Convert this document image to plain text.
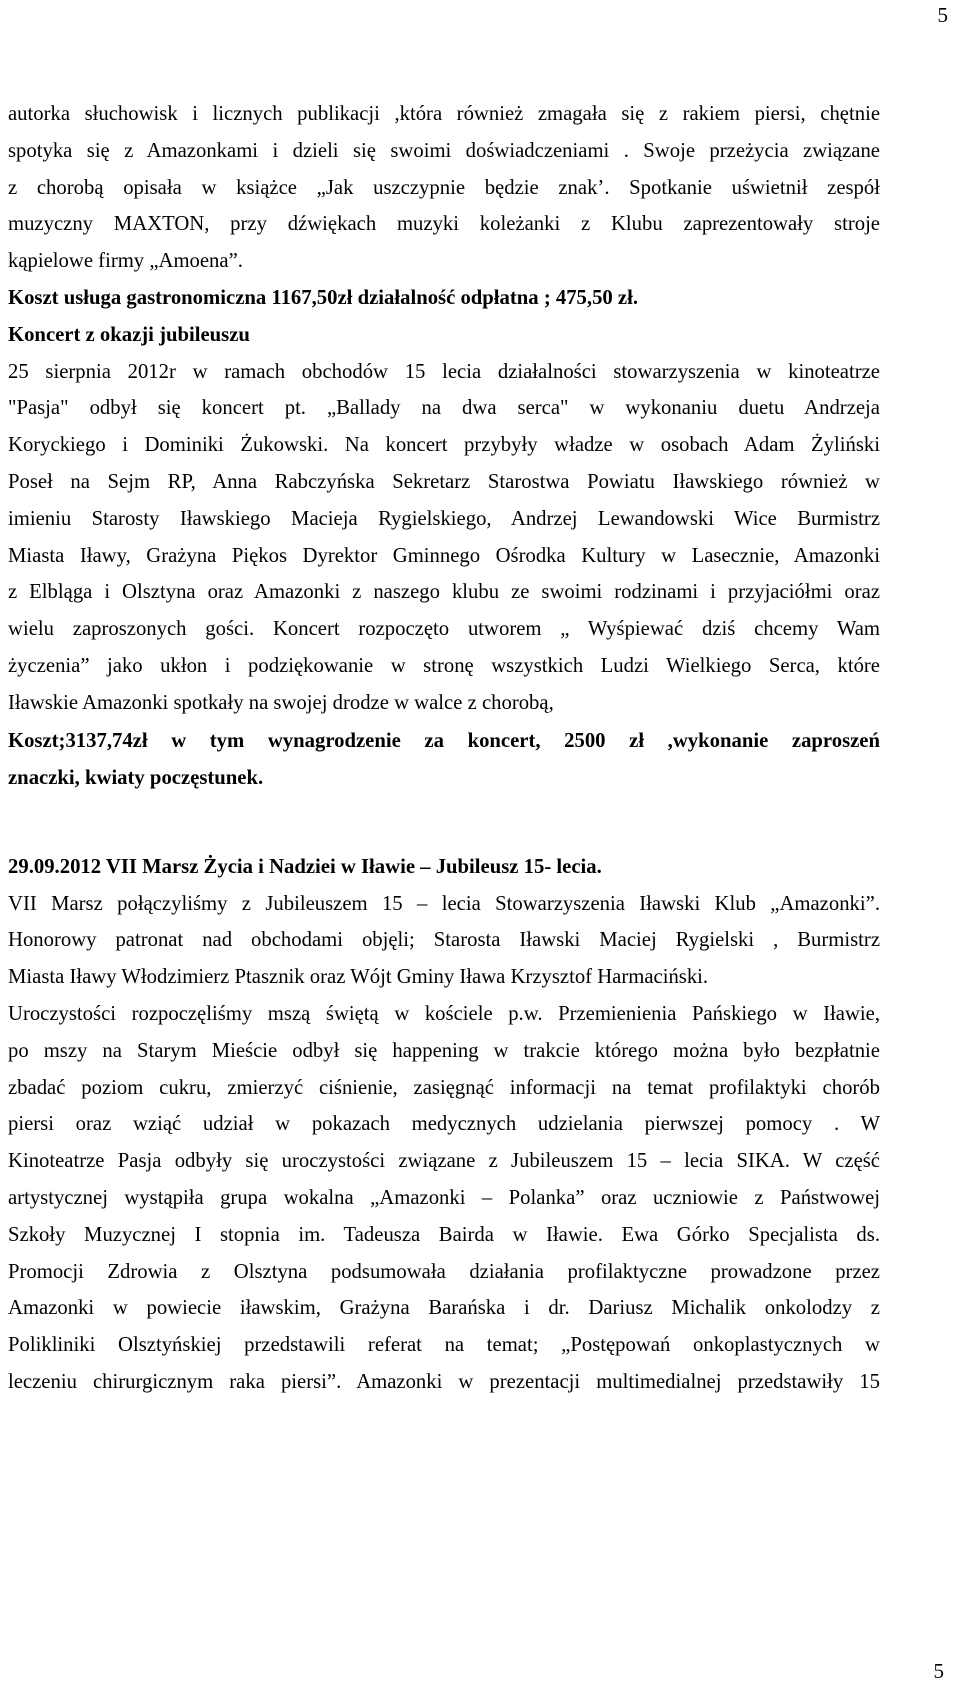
5
autorka słuchowisk i licznych publikacji ,która również zmagała się z rakiem piersi, chętnie
spotyka się z Amazonkami i dzieli się swoimi doświadczeniami . Swoje przeżycia związane
z chorobą opisała w książce „Jak uszczypnie będzie znak’. Spotkanie uświetnił zespół
muzyczny MAXTON, przy dźwiękach muzyki koleżanki z Klubu zaprezentowały stroje
kąpielowe firmy „Amoena”.
Koszt usługa gastronomiczna 1167,50zł działalność odpłatna ; 475,50 zł.
Koncert z okazji jubileuszu
25 sierpnia 2012r w ramach obchodów 15 lecia działalności stowarzyszenia w kinoteatrze
"Pasja" odbył się koncert pt. „Ballady na dwa serca" w wykonaniu duetu Andrzeja
Koryckiego i Dominiki Żukowski. Na koncert przybyły władze w osobach Adam Żyliński
Poseł na Sejm RP, Anna Rabczyńska Sekretarz Starostwa Powiatu Iławskiego również w
imieniu Starosty Iławskiego Macieja Rygielskiego, Andrzej Lewandowski Wice Burmistrz
Miasta Iławy, Grażyna Piękos Dyrektor Gminnego Ośrodka Kultury w Lasecznie, Amazonki
z Elbląga i Olsztyna oraz Amazonki z naszego klubu ze swoimi rodzinami i przyjaciółmi oraz
wielu zaproszonych gości. Koncert rozpoczęto utworem „ Wyśpiewać dziś chcemy Wam
życzenia” jako ukłon i podziękowanie w stronę wszystkich Ludzi Wielkiego Serca, które
Iławskie Amazonki spotkały na swojej drodze w walce z chorobą,
Koszt;3137,74zł w tym wynagrodzenie za koncert, 2500 zł ,wykonanie zaproszeń
znaczki, kwiaty poczęstunek.
29.09.2012 VII Marsz Życia i Nadziei w Iławie – Jubileusz 15- lecia.
VII Marsz połączyliśmy z Jubileuszem 15 – lecia Stowarzyszenia Iławski Klub „Amazonki”.
Honorowy patronat nad obchodami objęli; Starosta Iławski Maciej Rygielski , Burmistrz
Miasta Iławy Włodzimierz Ptasznik oraz Wójt Gminy Iława Krzysztof Harmaciński.
Uroczystości rozpoczęliśmy mszą świętą w kościele p.w. Przemienienia Pańskiego w Iławie,
po mszy na Starym Mieście odbył się happening w trakcie którego można było bezpłatnie
zbadać poziom cukru, zmierzyć ciśnienie, zasięgnąć informacji na temat profilaktyki chorób
piersi oraz wziąć udział w pokazach medycznych udzielania pierwszej pomocy . W
Kinoteatrze Pasja odbyły się uroczystości związane z Jubileuszem 15 – lecia SIKA. W część
artystycznej wystąpiła grupa wokalna „Amazonki – Polanka” oraz uczniowie z Państwowej
Szkoły Muzycznej I stopnia im. Tadeusza Bairda w Iławie. Ewa Górko Specjalista ds.
Promocji Zdrowia z Olsztyna podsumowała działania profilaktyczne prowadzone przez
Amazonki w powiecie iławskim, Grażyna Barańska i dr. Dariusz Michalik onkolodzy z
Polikliniki Olsztyńskiej przedstawili referat na temat; „Postępowań onkoplastycznych w
leczeniu chirurgicznym raka piersi”. Amazonki w prezentacji multimedialnej przedstawiły 15
5
